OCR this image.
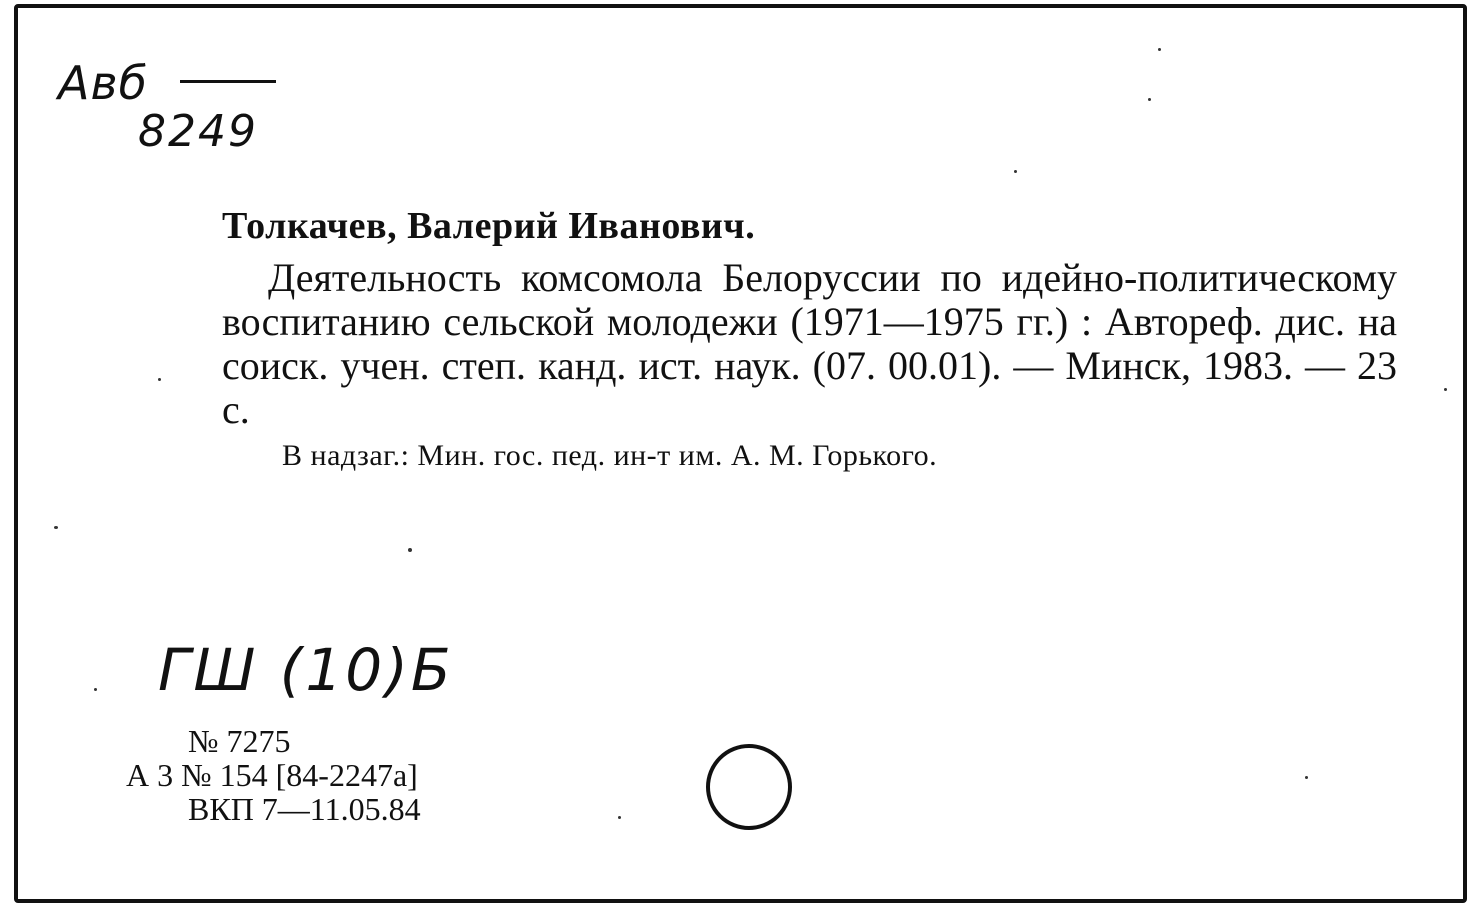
Авб
8249
Толкачев, Валерий Иванович.
Деятельность комсомола Белоруссии по идейно-политическому воспитанию сельской молодежи (1971—1975 гг.) : Автореф. дис. на соиск. учен. степ. канд. ист. наук. (07. 00.01). — Минск, 1983. — 23 с.
В надзаг.: Мин. гос. пед. ин-т им. А. М. Горького.
ГШ (10)Б
№ 7275
А 3 № 154 [84-2247а]
ВКП 7—11.05.84
